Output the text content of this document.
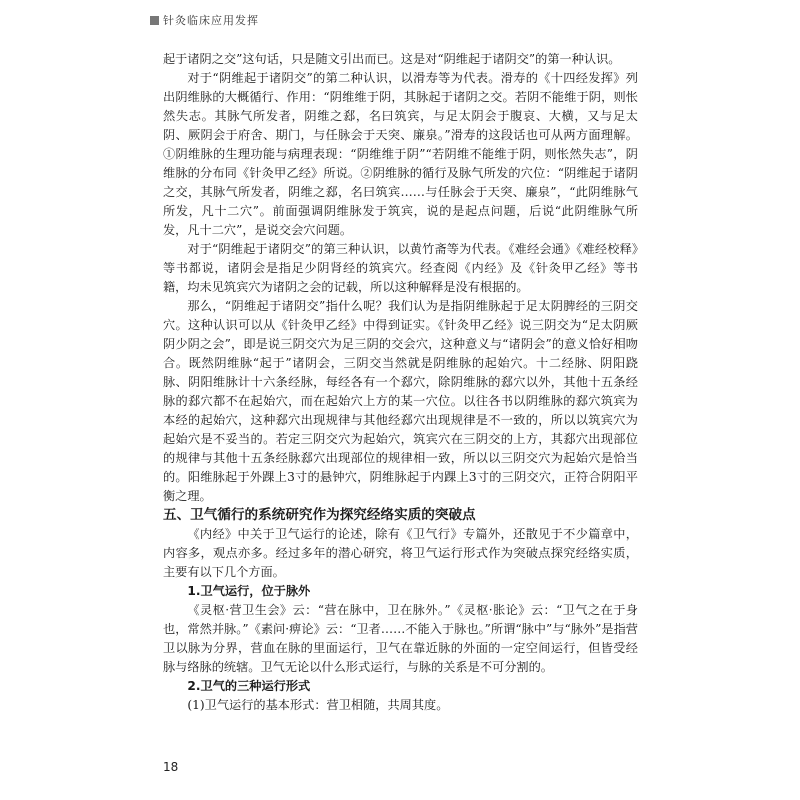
针灸临床应用发挥

起于诸阴之交”这句话，只是随文引出而已。这是对“阴维起于诸阴交”的第一种认识。

对于“阴维起于诸阴交”的第二种认识，以滑寿等为代表。滑寿的《十四经发挥》列出阴维脉的大概循行、作用：“阴维维于阴，其脉起于诸阴之交。若阴不能维于阴，则怅然失志。其脉气所发者，阴维之郄，名曰筑宾，与足太阴会于腹哀、大横，又与足太阴、厥阴会于府舍、期门，与任脉会于天突、廉泉。”滑寿的这段话也可从两方面理解。①阴维脉的生理功能与病理表现：“阴维维于阴”“若阴维不能维于阴，则怅然失志”，阴维脉的分布同《针灸甲乙经》所说。②阴维脉的循行及脉气所发的穴位：“阴维起于诸阴之交，其脉气所发者，阴维之郄，名曰筑宾……与任脉会于天突、廉泉”，“此阴维脉气所发，凡十二穴”。前面强调阴维脉发于筑宾，说的是起点问题，后说“此阴维脉气所发，凡十二穴”，是说交会穴问题。

对于“阴维起于诸阴交”的第三种认识，以黄竹斋等为代表。《难经会通》《难经校释》等书都说，诸阴会是指足少阴肾经的筑宾穴。经查阅《内经》及《针灸甲乙经》等书籍，均未见筑宾穴为诸阴之会的记载，所以这种解释是没有根据的。

那么，“阴维起于诸阴交”指什么呢？我们认为是指阴维脉起于足太阴脾经的三阴交穴。这种认识可以从《针灸甲乙经》中得到证实。《针灸甲乙经》说三阴交为“足太阴厥阴少阴之会”，即是说三阴交穴为足三阴的交会穴，这种意义与“诸阴会”的意义恰好相吻合。既然阴维脉“起于”诸阴会，三阴交当然就是阴维脉的起始穴。十二经脉、阴阳跷脉、阴阳维脉计十六条经脉，每经各有一个郄穴，除阴维脉的郄穴以外，其他十五条经脉的郄穴都不在起始穴，而在起始穴上方的某一穴位。以往各书以阴维脉的郄穴筑宾为本经的起始穴，这种郄穴出现规律与其他经郄穴出现规律是不一致的，所以以筑宾穴为起始穴是不妥当的。若定三阴交穴为起始穴，筑宾穴在三阴交的上方，其郄穴出现部位的规律与其他十五条经脉郄穴出现部位的规律相一致，所以以三阴交穴为起始穴是恰当的。阳维脉起于外踝上3寸的悬钟穴，阴维脉起于内踝上3寸的三阴交穴，正符合阴阳平衡之理。

五、卫气循行的系统研究作为探究经络实质的突破点

《内经》中关于卫气运行的论述，除有《卫气行》专篇外，还散见于不少篇章中，内容多，观点亦多。经过多年的潜心研究，将卫气运行形式作为突破点探究经络实质，主要有以下几个方面。

1.卫气运行，位于脉外

《灵枢·营卫生会》云：“营在脉中，卫在脉外。”《灵枢·胀论》云：“卫气之在于身也，常然并脉。”《素问·痹论》云：“卫者……不能入于脉也。”所谓“脉中”与“脉外”是指营卫以脉为分界，营血在脉的里面运行，卫气在靠近脉的外面的一定空间运行，但皆受经脉与络脉的统辖。卫气无论以什么形式运行，与脉的关系是不可分割的。

2.卫气的三种运行形式

(1)卫气运行的基本形式：营卫相随，共周其度。

18
